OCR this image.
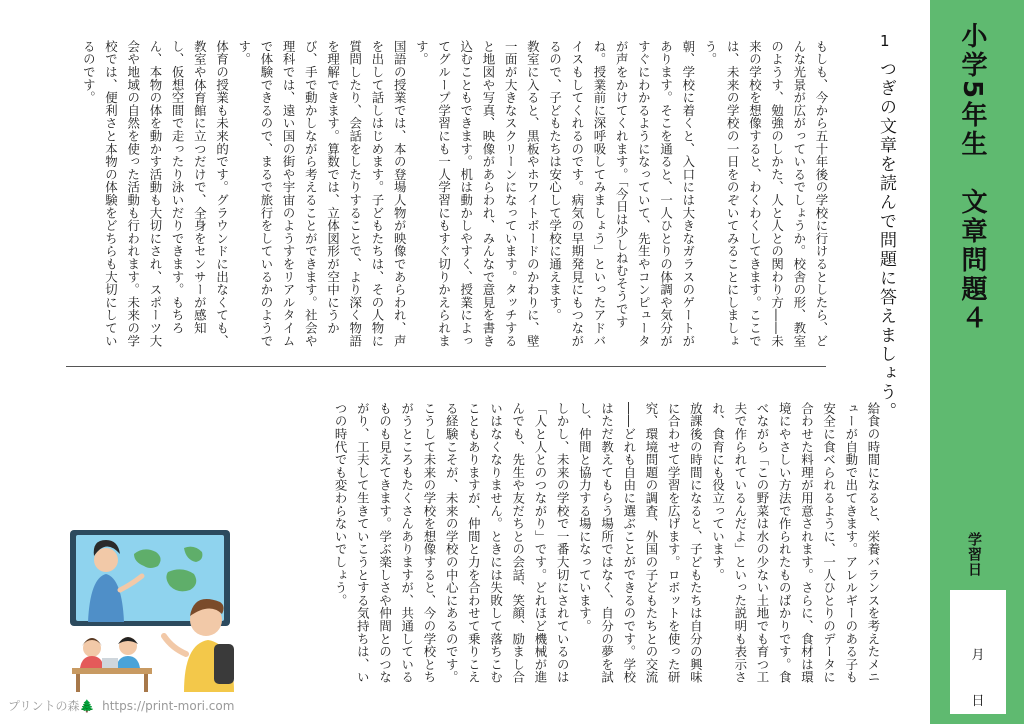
小学5年生　文章問題４
学習日
月
日
1
つぎの文章を読んで問題に答えましょう。

もしも、今から五十年後の学校に行けるとしたら、どんな光景が広がっているでしょうか。校舎の形、教室のようす、勉強のしかた、人と人との関わり方――未来の学校を想像すると、わくわくしてきます。ここでは、未来の学校の一日をのぞいてみることにしましょう。

朝、学校に着くと、入口には大きなガラスのゲートがあります。そこを通ると、一人ひとりの体調や気分がすぐにわかるようになっていて、先生やコンピュータが声をかけてくれます。「今日は少しねむそうですね。授業前に深呼吸してみましょう」といったアドバイスもしてくれるのです。病気の早期発見にもつながるので、子どもたちは安心して学校に通えます。

教室に入ると、黒板やホワイトボードのかわりに、壁一面が大きなスクリーンになっています。タッチすると地図や写真、映像があらわれ、みんなで意見を書き込むこともできます。机は動かしやすく、授業によってグループ学習にも一人学習にもすぐ切りかえられます。

国語の授業では、本の登場人物が映像であらわれ、声を出して話しはじめます。子どもたちは、その人物に質問したり、会話をしたりすることで、より深く物語を理解できます。算数では、立体図形が空中にうかび、手で動かしながら考えることができます。社会や理科では、遠い国の街や宇宙のようすをリアルタイムで体験できるので、まるで旅行をしているかのようです。

体育の授業も未来的です。グラウンドに出なくても、教室や体育館に立つだけで、全身をセンサーが感知し、仮想空間で走ったり泳いだりできます。もちろん、本物の体を動かす活動も大切にされ、スポーツ大会や地域の自然を使った活動も行われます。未来の学校では、便利さと本物の体験をどちらも大切にしているのです。

給食の時間になると、栄養バランスを考えたメニューが自動で出てきます。アレルギーのある子も安全に食べられるように、一人ひとりのデータに合わせた料理が用意されます。さらに、食材は環境にやさしい方法で作られたものばかりです。食べながら「この野菜は水の少ない土地でも育つ工夫で作られているんだよ」といった説明も表示され、食育にも役立っています。

放課後の時間になると、子どもたちは自分の興味に合わせて学習を広げます。ロボットを使った研究、環境問題の調査、外国の子どもたちとの交流――どれも自由に選ぶことができるのです。学校はただ教えてもらう場所ではなく、自分の夢を試し、仲間と協力する場になっています。

しかし、未来の学校で一番大切にされているのは「人と人とのつながり」です。どれほど機械が進んでも、先生や友だちとの会話、笑顔、励まし合いはなくなりません。ときには失敗して落ちこむこともありますが、仲間と力を合わせて乗りこえる経験こそが、未来の学校の中心にあるのです。

こうして未来の学校を想像すると、今の学校とちがうところもたくさんありますが、共通しているものも見えてきます。学ぶ楽しさや仲間とのつながり、工夫して生きていこうとする気持ちは、いつの時代でも変わらないでしょう。

プリントの森🌲 https://print-mori.com
